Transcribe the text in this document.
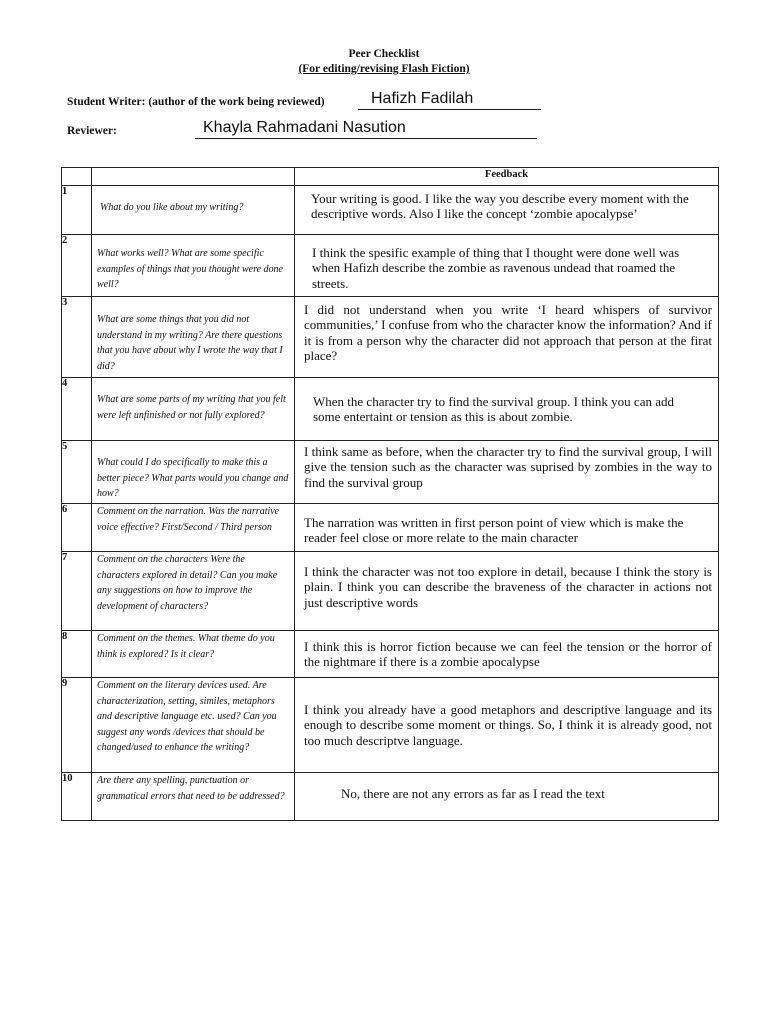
Peer Checklist
(For editing/revising Flash Fiction)
Student Writer: (author of the work being reviewed)	Hafizh Fadilah
Reviewer:	Khayla Rahmadani Nasution
		Feedback
1	What do you like about my writing?	Your writing is good. I like the way you describe every moment with the descriptive words. Also I like the concept ‘zombie apocalypse’

2	What works well? What are some specific examples of things that you thought were done well?	I think the spesific example of thing that I thought were done well was when Hafizh describe the zombie as ravenous undead that roamed the streets.

3	What are some things that you did not understand in my writing? Are there questions that you have about why I wrote the way that I did?	I did not understand when you write ‘I heard whispers of survivor communities,’ I confuse from who the character know the information? And if it is from a person why the character did not approach that person at the firat place?

4	What are some parts of my writing that you felt were left unfinished or not fully explored?	When the character try to find the survival group. I think you can add some entertaint or tension as this is about zombie.

5	What could I do specifically to make this a better piece? What parts would you change and how?	I think same as before, when the character try to find the survival group, I will give the tension such as the character was suprised by zombies in the way to find the survival group

6	Comment on the narration. Was the narrative voice effective? First/Second / Third person	The narration was written in first person point of view which is make the reader feel close or more relate to the main character

7	Comment on the characters Were the characters explored in detail? Can you make any suggestions on how to improve the development of characters?	I think the character was not too explore in detail, because I think the story is plain. I think you can describe the braveness of the character in actions not just descriptive words

8	Comment on the themes. What theme do you think is explored? Is it clear?	I think this is horror fiction because we can feel the tension or the horror of the nightmare if there is a zombie apocalypse

9	Comment on the literary devices used. Are characterization, setting, similes, metaphors and descriptive language etc. used? Can you suggest any words /devices that should be changed/used to enhance the writing?	I think you already have a good metaphors and descriptive language and its enough to describe some moment or things. So, I think it is already good, not too much descriptve language.

10	Are there any spelling, punctuation or grammatical errors that need to be addressed?	No, there are not any errors as far as I read the text
